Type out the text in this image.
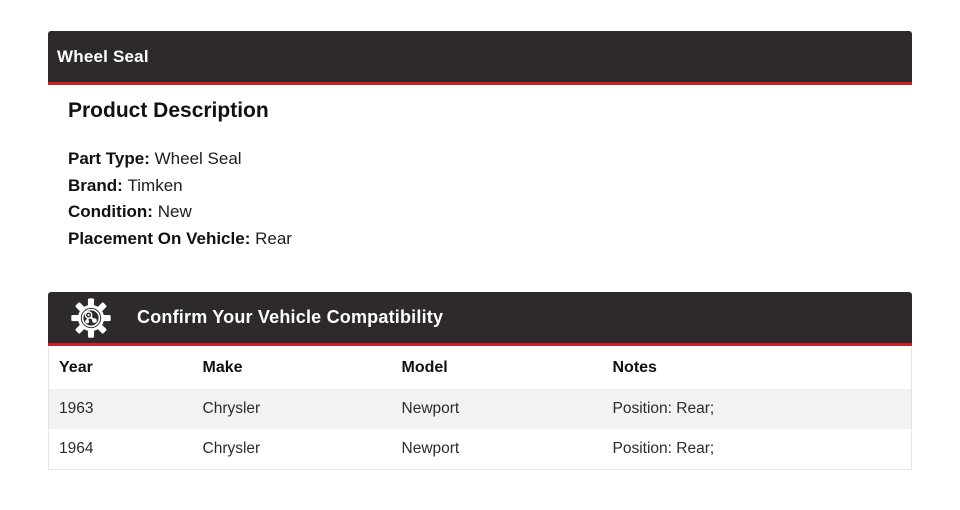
Wheel Seal
Product Description
Part Type: Wheel Seal
Brand: Timken
Condition: New
Placement On Vehicle: Rear
Confirm Your Vehicle Compatibility
Year	Make	Model	Notes
1963	Chrysler	Newport	Position: Rear;
1964	Chrysler	Newport	Position: Rear;
